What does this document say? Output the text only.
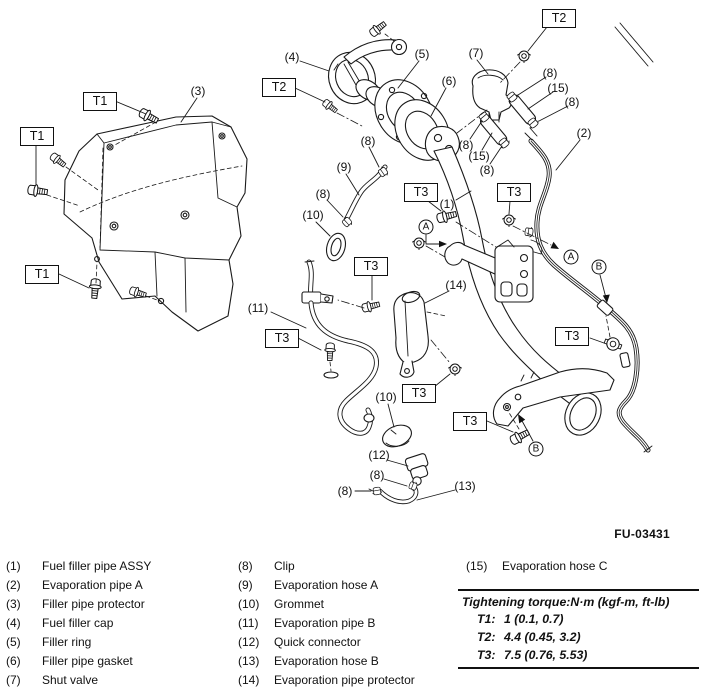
T1
T1
T1
T2
T2
T3	T3
T3
T3
T3
T3
T3
(3)
(4)	(5)
(6)
(7)
(2)
(8)
(9)
(8)
(10)
(8)
(15)
(8)
(8)
(15)
(8)
(1)
(14)
(11)
(10)
(12)
(8)
(8)	(13)
A
A
B
B
FU-03431
(1)	Fuel filler pipe ASSY
(2)	Evaporation pipe A
(3)	Filler pipe protector
(4)	Fuel filler cap
(5)	Filler ring
(6)	Filler pipe gasket
(7)	Shut valve
(8)	Clip
(9)	Evaporation hose A
(10)	Grommet
(11)	Evaporation pipe B
(12)	Quick connector
(13)	Evaporation hose B
(14)	Evaporation pipe protector
(15)	Evaporation hose C
Tightening torque:N·m (kgf-m, ft-lb)
T1: 1 (0.1, 0.7)
T2: 4.4 (0.45, 3.2)
T3: 7.5 (0.76, 5.53)
